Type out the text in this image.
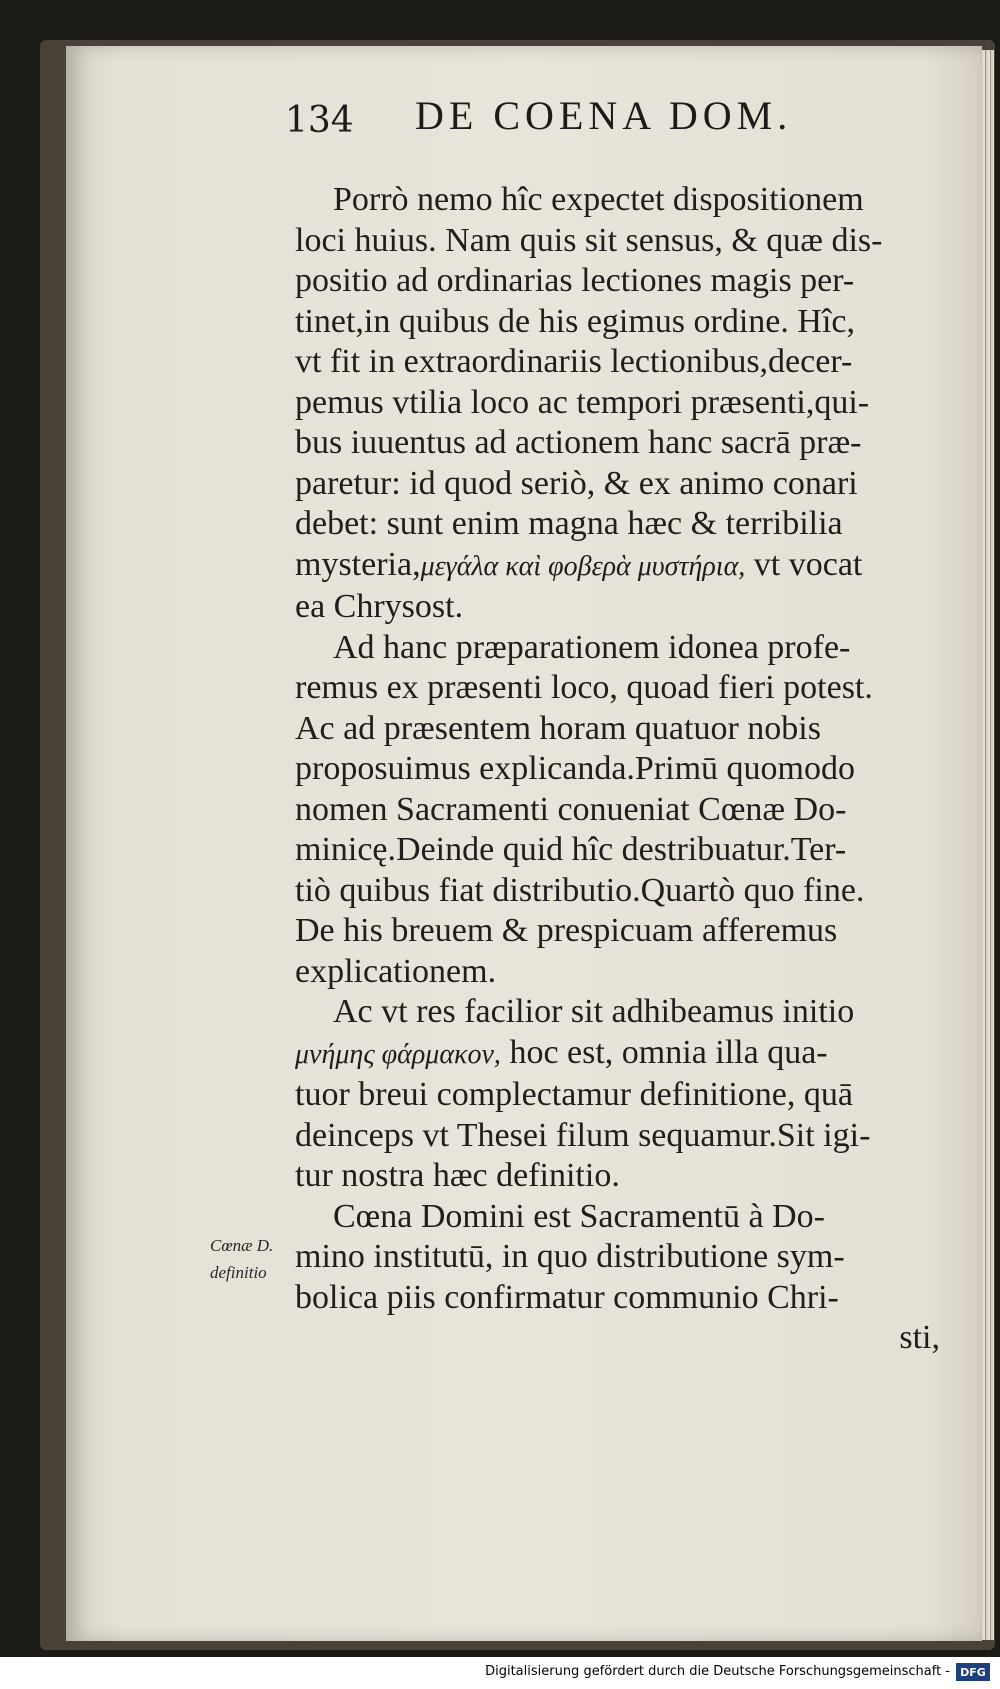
134 DE COENA DOM.

Porrò nemo hîc expectet dispositionem
loci huius. Nam quis sit sensus, & quæ dis-
positio ad ordinarias lectiones magis per-
tinet,in quibus de his egimus ordine. Hîc,
vt fit in extraordinariis lectionibus,decer-
pemus vtilia loco ac tempori præsenti,qui-
bus iuuentus ad actionem hanc sacrā præ-
paretur: id quod seriò, & ex animo conari
debet: sunt enim magna hæc & terribilia
mysteria,μεγάλα καὶ φοβερὰ μυστήρια, vt vocat
ea Chrysost.

Ad hanc præparationem idonea profe-
remus ex præsenti loco, quoad fieri potest.
Ac ad præsentem horam quatuor nobis
proposuimus explicanda.Primū quomodo
nomen Sacramenti conueniat Cœnæ Do-
minicę.Deinde quid hîc destribuatur.Ter-
tiò quibus fiat distributio.Quartò quo fine.
De his breuem & prespicuam afferemus
explicationem.

Ac vt res facilior sit adhibeamus initio
μνήμης φάρμακον, hoc est, omnia illa qua-
tuor breui complectamur definitione, quā
deinceps vt Thesei filum sequamur.Sit igi-
tur nostra hæc definitio.

Cœna Domini est Sacramentū à Do-
mino institutū, in quo distributione sym-
bolica piis confirmatur communio Chri-
sti,

Cœnæ D.
definitio
Digitalisierung gefördert durch die Deutsche Forschungsgemeinschaft - DFG
